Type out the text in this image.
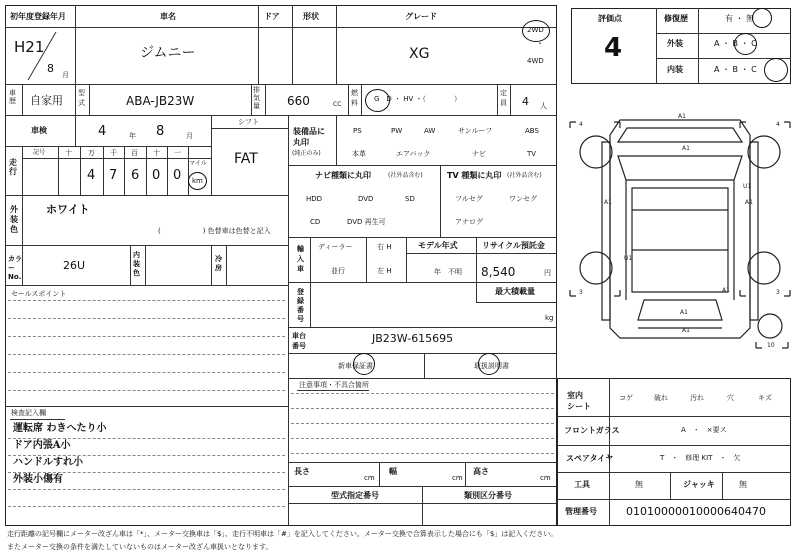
初年度登録年月	車名	ドア	形状	グレード
H21
8 月
ジムニー	XG
2WD
・
4WD
車
歴 自家用
型
式	ABA-JB23W
排
気
量 660	CC
燃
料 G　D ・ HV ・（　　　　）
定
員 4 人
車検	4	年 8	月
FAT
シフト
走
行
記号	十 万 千 百 十 一
4 7 6 0 0
マイル
km
装備品に
丸印
(純正のみ)
PS	PW	AW	サンルーフ	ABS
本革	エアバック	ナビ	TV
ナビ種類に丸印	(社外品含む)	TV 種類に丸印 (社外品含む)
HDD	DVD	SD
CD	DVD 再生可
フルセグ	ワンセグ
アナログ
外
装
色
ホワイト
(　　　　　　) 色替車は色替と記入
カラー
No.
26U
内
装
色
冷
房
セールスポイント
検査記入欄
運転席 わきへたり小
ドア内張A小
ハンドルすれ小
外装小傷有
輸
入
車
ディーラー
並行
右 H
左 H
モデル年式
年　不明
リサイクル預託金
8,540	円
登
録
番
号
最大積載量
kg
車台
番号
JB23W-615695
新車保証書	取扱説明書
注意事項・不具合箇所
長さ
cm
幅
cm
高さ
cm
型式指定番号	類別区分番号
評価点
4
修復歴	有 ・ 無
外装	A ・ B ・ C
内装	A ・ B ・ C
A1
A1
U1
A1	A1
U1
A1
A1
A1
4	4
3	3
10
室内
シート
コゲ	破れ	汚れ	穴	キズ
フロントガラス	A　・　×要ス
スペアタイヤ	T　・　修理 KIT　・　欠
工具	無	ジャッキ	無
管理番号	01010000010000640470
走行距離の記号欄にメーター改ざん車は「*」、メーター交換車は「$」、走行不明車は「#」を記入してください。メーター交換で合算表示した場合にも「$」は記入ください。
またメーター交換の条件を満たしていないものはメーター改ざん車扱いとなります。
